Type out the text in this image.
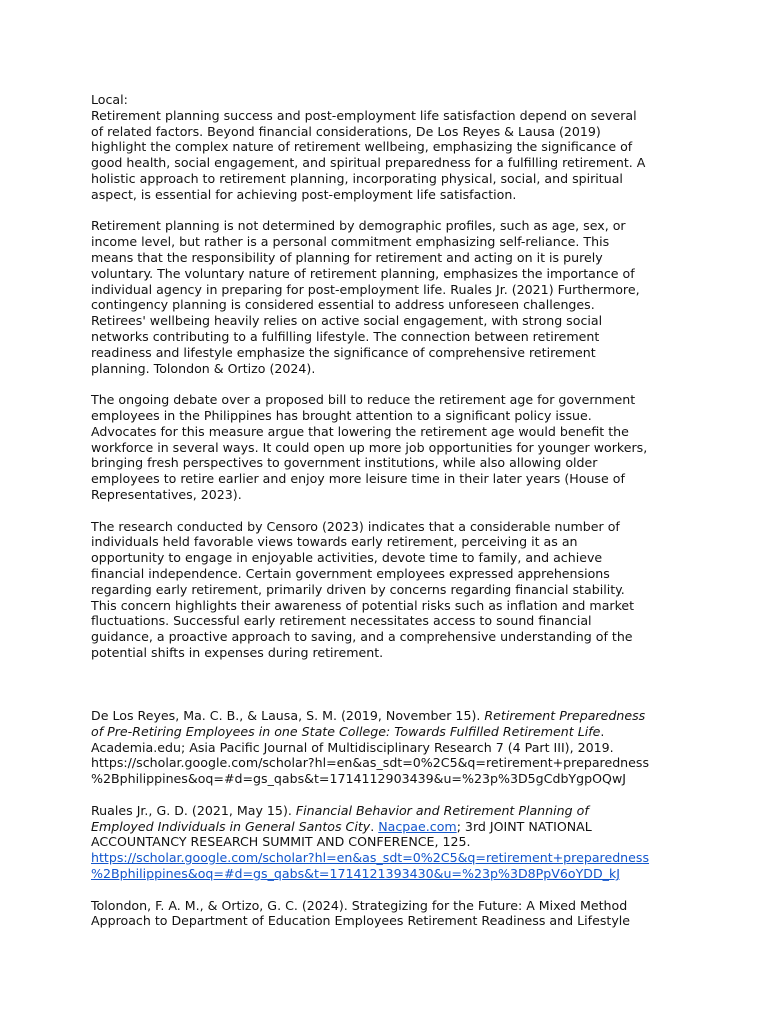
Local:

Retirement planning success and post-employment life satisfaction depend on several
of related factors. Beyond financial considerations, De Los Reyes & Lausa (2019)
highlight the complex nature of retirement wellbeing, emphasizing the significance of
good health, social engagement, and spiritual preparedness for a fulfilling retirement. A
holistic approach to retirement planning, incorporating physical, social, and spiritual
aspect, is essential for achieving post-employment life satisfaction.

Retirement planning is not determined by demographic profiles, such as age, sex, or
income level, but rather is a personal commitment emphasizing self-reliance. This
means that the responsibility of planning for retirement and acting on it is purely
voluntary. The voluntary nature of retirement planning, emphasizes the importance of
individual agency in preparing for post-employment life. Ruales Jr. (2021) Furthermore,
contingency planning is considered essential to address unforeseen challenges.
Retirees' wellbeing heavily relies on active social engagement, with strong social
networks contributing to a fulfilling lifestyle. The connection between retirement
readiness and lifestyle emphasize the significance of comprehensive retirement
planning. Tolondon & Ortizo (2024).

The ongoing debate over a proposed bill to reduce the retirement age for government
employees in the Philippines has brought attention to a significant policy issue.
Advocates for this measure argue that lowering the retirement age would benefit the
workforce in several ways. It could open up more job opportunities for younger workers,
bringing fresh perspectives to government institutions, while also allowing older
employees to retire earlier and enjoy more leisure time in their later years (House of
Representatives, 2023).

The research conducted by Censoro (2023) indicates that a considerable number of
individuals held favorable views towards early retirement, perceiving it as an
opportunity to engage in enjoyable activities, devote time to family, and achieve
financial independence. Certain government employees expressed apprehensions
regarding early retirement, primarily driven by concerns regarding financial stability.
This concern highlights their awareness of potential risks such as inflation and market
fluctuations. Successful early retirement necessitates access to sound financial
guidance, a proactive approach to saving, and a comprehensive understanding of the
potential shifts in expenses during retirement.

De Los Reyes, Ma. C. B., & Lausa, S. M. (2019, November 15). Retirement Preparedness
of Pre-Retiring Employees in one State College: Towards Fulfilled Retirement Life.
Academia.edu; Asia Pacific Journal of Multidisciplinary Research 7 (4 Part III), 2019.
https://scholar.google.com/scholar?hl=en&as_sdt=0%2C5&q=retirement+preparedness
%2Bphilippines&oq=#d=gs_qabs&t=1714112903439&u=%23p%3D5gCdbYgpOQwJ

Ruales Jr., G. D. (2021, May 15). Financial Behavior and Retirement Planning of
Employed Individuals in General Santos City. Nacpae.com; 3rd JOINT NATIONAL
ACCOUNTANCY RESEARCH SUMMIT AND CONFERENCE, 125.
https://scholar.google.com/scholar?hl=en&as_sdt=0%2C5&q=retirement+preparedness
%2Bphilippines&oq=#d=gs_qabs&t=1714121393430&u=%23p%3D8PpV6oYDD_kJ

Tolondon, F. A. M., & Ortizo, G. C. (2024). Strategizing for the Future: A Mixed Method
Approach to Department of Education Employees Retirement Readiness and Lifestyle
